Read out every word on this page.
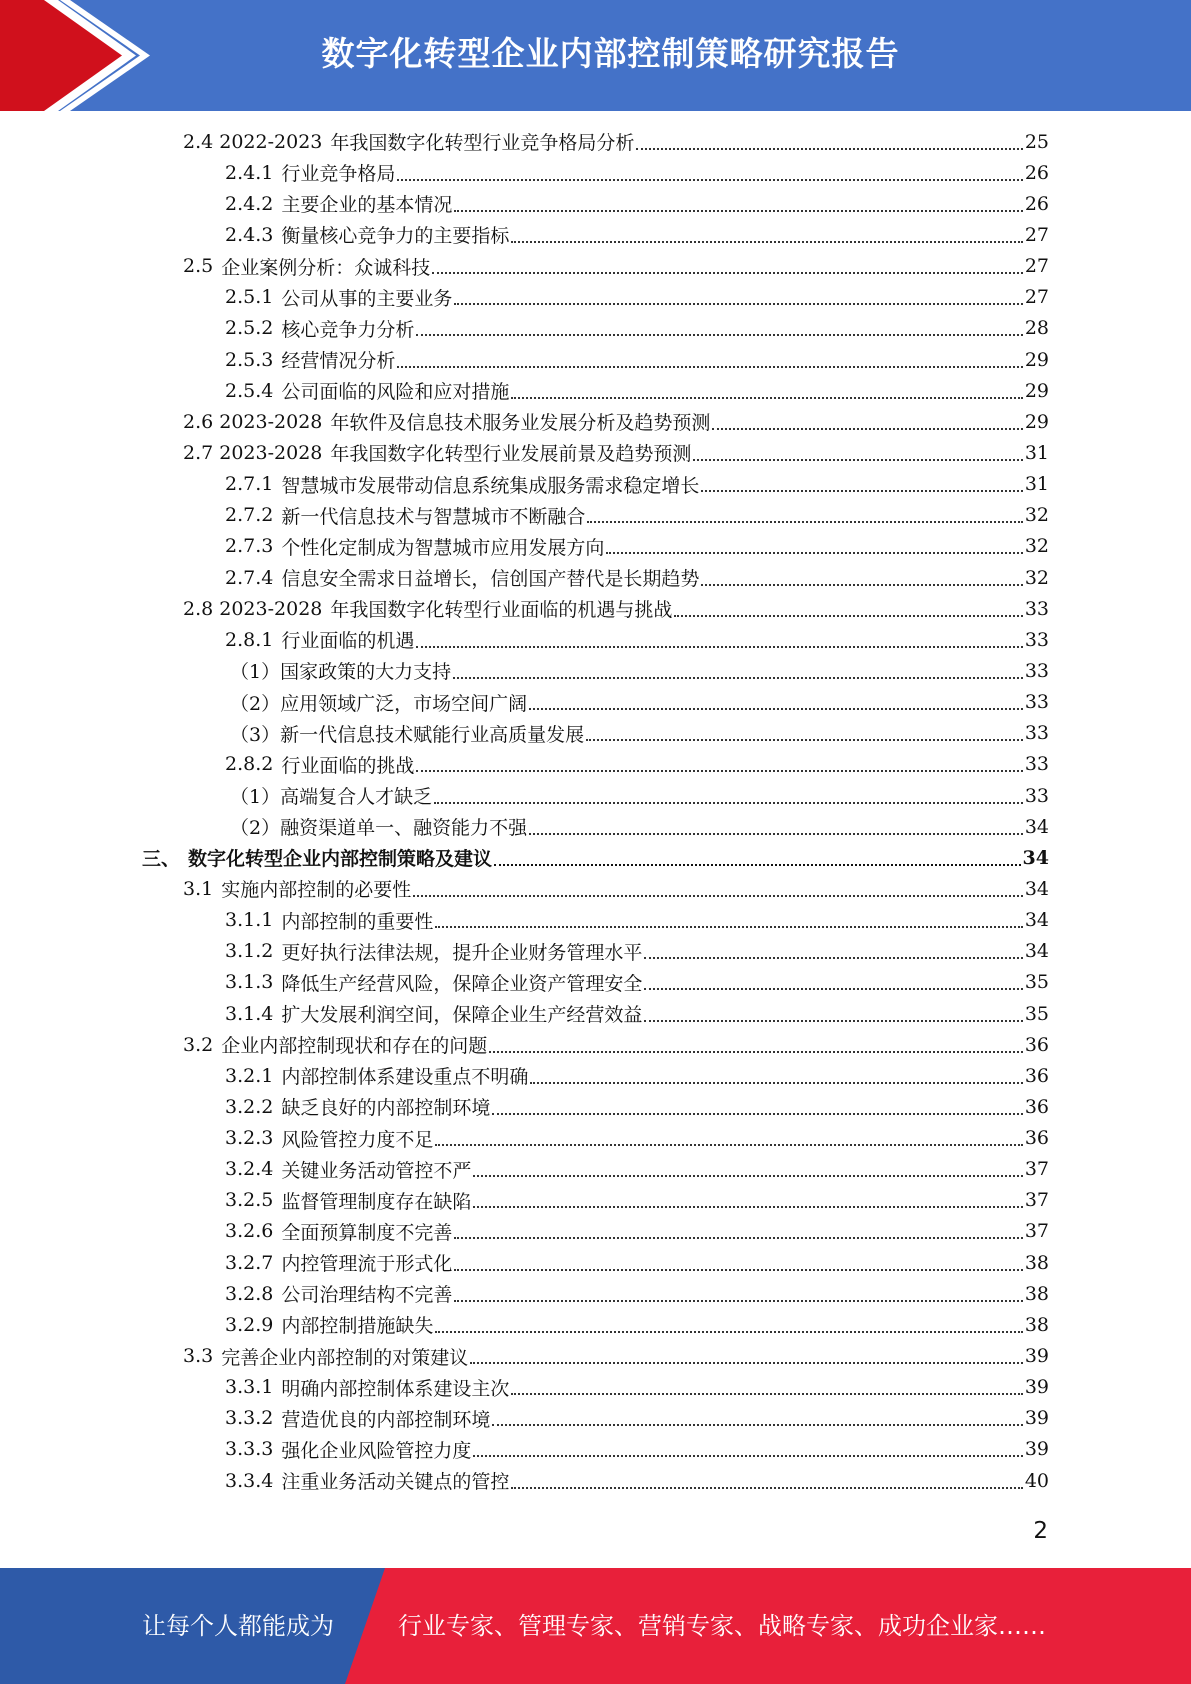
数字化转型企业内部控制策略研究报告
2.4 2022-2023 年我国数字化转型行业竞争格局分析	25
2.4.1 行业竞争格局	26
2.4.2 主要企业的基本情况	26
2.4.3 衡量核心竞争力的主要指标	27
2.5 企业案例分析：众诚科技	27
2.5.1 公司从事的主要业务	27
2.5.2 核心竞争力分析	28
2.5.3 经营情况分析	29
2.5.4 公司面临的风险和应对措施	29
2.6 2023-2028 年软件及信息技术服务业发展分析及趋势预测	29
2.7 2023-2028 年我国数字化转型行业发展前景及趋势预测	31
2.7.1 智慧城市发展带动信息系统集成服务需求稳定增长	31
2.7.2 新一代信息技术与智慧城市不断融合	32
2.7.3 个性化定制成为智慧城市应用发展方向	32
2.7.4 信息安全需求日益增长，信创国产替代是长期趋势	32
2.8 2023-2028 年我国数字化转型行业面临的机遇与挑战	33
2.8.1 行业面临的机遇	33
（1） 国家政策的大力支持	33
（2） 应用领域广泛，市场空间广阔	33
（3） 新一代信息技术赋能行业高质量发展	33
2.8.2 行业面临的挑战	33
（1） 高端复合人才缺乏	33
（2） 融资渠道单一、融资能力不强	34
三、 数字化转型企业内部控制策略及建议	34
3.1 实施内部控制的必要性	34
3.1.1 内部控制的重要性	34
3.1.2 更好执行法律法规，提升企业财务管理水平	34
3.1.3 降低生产经营风险，保障企业资产管理安全	35
3.1.4 扩大发展利润空间，保障企业生产经营效益	35
3.2 企业内部控制现状和存在的问题	36
3.2.1 内部控制体系建设重点不明确	36
3.2.2 缺乏良好的内部控制环境	36
3.2.3 风险管控力度不足	36
3.2.4 关键业务活动管控不严	37
3.2.5 监督管理制度存在缺陷	37
3.2.6 全面预算制度不完善	37
3.2.7 内控管理流于形式化	38
3.2.8 公司治理结构不完善	38
3.2.9 内部控制措施缺失	38
3.3 完善企业内部控制的对策建议	39
3.3.1 明确内部控制体系建设主次	39
3.3.2 营造优良的内部控制环境	39
3.3.3 强化企业风险管控力度	39
3.3.4 注重业务活动关键点的管控	40
2
让每个人都能成为	行业专家、管理专家、营销专家、战略专家、成功企业家……
